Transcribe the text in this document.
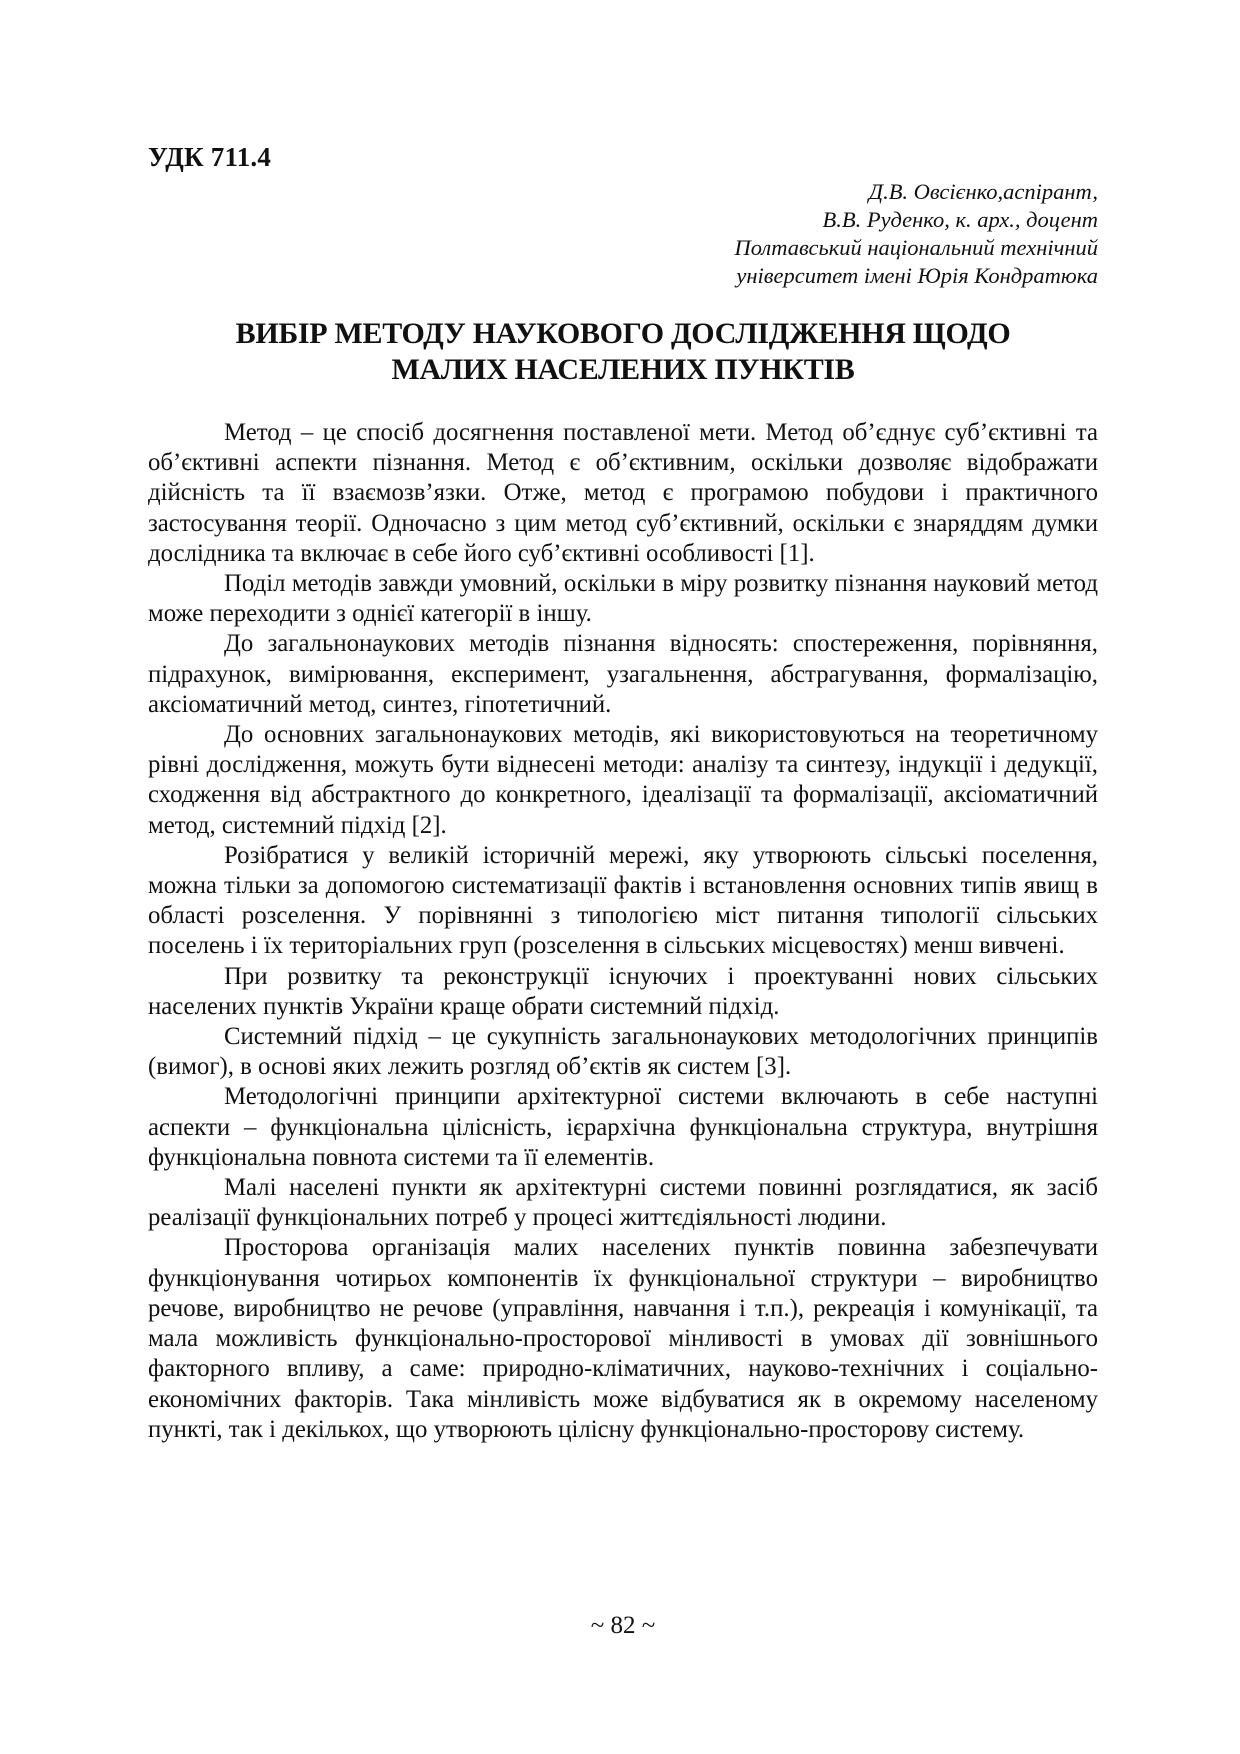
УДК 711.4
Д.В. Овсієнко,аспірант,
В.В. Руденко, к. арх., доцент
Полтавський національний технічний
університет імені Юрія Кондратюка
ВИБІР МЕТОДУ НАУКОВОГО ДОСЛІДЖЕННЯ ЩОДО
МАЛИХ НАСЕЛЕНИХ ПУНКТІВ

Метод – це спосіб досягнення поставленої мети. Метод об’єднує суб’єктивні та об’єктивні аспекти пізнання. Метод є об’єктивним, оскільки дозволяє відображати дійсність та її взаємозв’язки. Отже, метод є програмою побудови і практичного застосування теорії. Одночасно з цим метод суб’єктивний, оскільки є знаряддям думки дослідника та включає в себе його суб’єктивні особливості [1].

Поділ методів завжди умовний, оскільки в міру розвитку пізнання науковий метод може переходити з однієї категорії в іншу.

До загальнонаукових методів пізнання відносять: спостереження, порівняння, підрахунок, вимірювання, експеримент, узагальнення, абстрагування, формалізацію, аксіоматичний метод, синтез, гіпотетичний.

До основних загальнонаукових методів, які використовуються на теоретичному рівні дослідження, можуть бути віднесені методи: аналізу та синтезу, індукції і дедукції, сходження від абстрактного до конкретного, ідеалізації та формалізації, аксіоматичний метод, системний підхід [2].

Розібратися у великій історичній мережі, яку утворюють сільські поселення, можна тільки за допомогою систематизації фактів і встановлення основних типів явищ в області розселення. У порівнянні з типологією міст питання типології сільських поселень і їх територіальних груп (розселення в сільських місцевостях) менш вивчені.

При розвитку та реконструкції існуючих і проектуванні нових сільських населених пунктів України краще обрати системний підхід.

Системний підхід – це сукупність загальнонаукових методологічних принципів (вимог), в основі яких лежить розгляд об’єктів як систем [3].

Методологічні принципи архітектурної системи включають в себе наступні аспекти – функціональна цілісність, ієрархічна функціональна структура, внутрішня функціональна повнота системи та її елементів.

Малі населені пункти як архітектурні системи повинні розглядатися, як засіб реалізації функціональних потреб у процесі життєдіяльності людини.

Просторова організація малих населених пунктів повинна забезпечувати функціонування чотирьох компонентів їх функціональної структури – виробництво речове, виробництво не речове (управління, навчання і т.п.), рекреація і комунікації, та мала можливість функціонально-просторової мінливості в умовах дії зовнішнього факторного впливу, а саме: природно-кліматичних, науково-технічних і соціально-економічних факторів. Така мінливість може відбуватися як в окремому населеному пункті, так і декількох, що утворюють цілісну функціонально-просторову систему.

~ 82 ~
